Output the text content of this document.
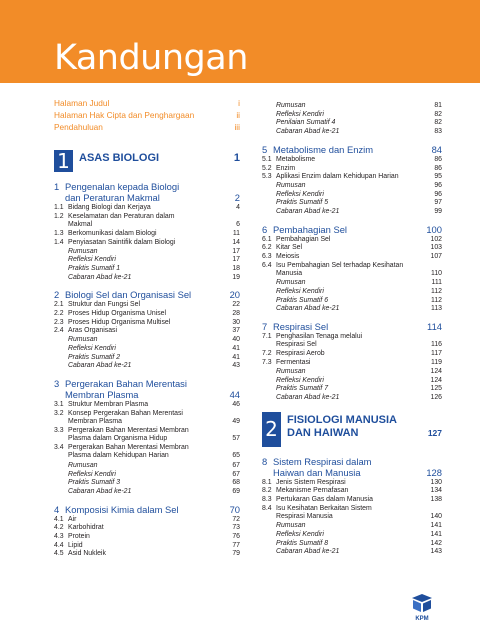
Kandungan
Halaman Judul	i
Halaman Hak Cipta dan Penghargaan	ii
Pendahuluan	iii
1 ASAS BIOLOGI	1
1 Pengenalan kepada Biologi
dan Peraturan Makmal	2
1.1 Bidang Biologi dan Kerjaya	4
1.2 Keselamatan dan Peraturan dalam
Makmal	6
1.3 Berkomunikasi dalam Biologi	11
1.4 Penyiasatan Saintifik dalam Biologi	14
Rumusan	17
Refleksi Kendiri	17
Praktis Sumatif 1	18
Cabaran Abad ke-21	19
2 Biologi Sel dan Organisasi Sel	20
2.1 Struktur dan Fungsi Sel	22
2.2 Proses Hidup Organisma Unisel	28
2.3 Proses Hidup Organisma Multisel	30
2.4 Aras Organisasi	37
Rumusan	40
Refleksi Kendiri	41
Praktis Sumatif 2	41
Cabaran Abad ke-21	43
3 Pergerakan Bahan Merentasi
Membran Plasma	44
3.1 Struktur Membran Plasma	46
3.2 Konsep Pergerakan Bahan Merentasi
Membran Plasma	49
3.3 Pergerakan Bahan Merentasi Membran
Plasma dalam Organisma Hidup	57
3.4 Pergerakan Bahan Merentasi Membran
Plasma dalam Kehidupan Harian	65
Rumusan	67
Refleksi Kendiri	67
Praktis Sumatif 3	68
Cabaran Abad ke-21	69
4 Komposisi Kimia dalam Sel	70
4.1 Air	72
4.2 Karbohidrat	73
4.3 Protein	76
4.4 Lipid	77
4.5 Asid Nukleik	79
Rumusan	81
Refleksi Kendiri	82
Penilaian Sumatif 4	82
Cabaran Abad ke-21	83
5 Metabolisme dan Enzim	84
5.1 Metabolisme	86
5.2 Enzim	86
5.3 Aplikasi Enzim dalam Kehidupan Harian	95
Rumusan	96
Refleksi Kendiri	96
Praktis Sumatif 5	97
Cabaran Abad ke-21	99
6 Pembahagian Sel	100
6.1 Pembahagian Sel	102
6.2 Kitar Sel	103
6.3 Meiosis	107
6.4 Isu Pembahagian Sel terhadap Kesihatan
Manusia	110
Rumusan	111
Refleksi Kendiri	112
Praktis Sumatif 6	112
Cabaran Abad ke-21	113
7 Respirasi Sel	114
7.1 Penghasilan Tenaga melalui
Respirasi Sel	116
7.2 Respirasi Aerob	117
7.3 Fermentasi	119
Rumusan	124
Refleksi Kendiri	124
Praktis Sumatif 7	125
Cabaran Abad ke-21	126
2 FISIOLOGI MANUSIA
DAN HAIWAN	127
8 Sistem Respirasi dalam
Haiwan dan Manusia	128
8.1 Jenis Sistem Respirasi	130
8.2 Mekanisme Pernafasan	134
8.3 Pertukaran Gas dalam Manusia	138
8.4 Isu Kesihatan Berkaitan Sistem
Respirasi Manusia	140
Rumusan	141
Refleksi Kendiri	141
Praktis Sumatif 8	142
Cabaran Abad ke-21	143
KPM
